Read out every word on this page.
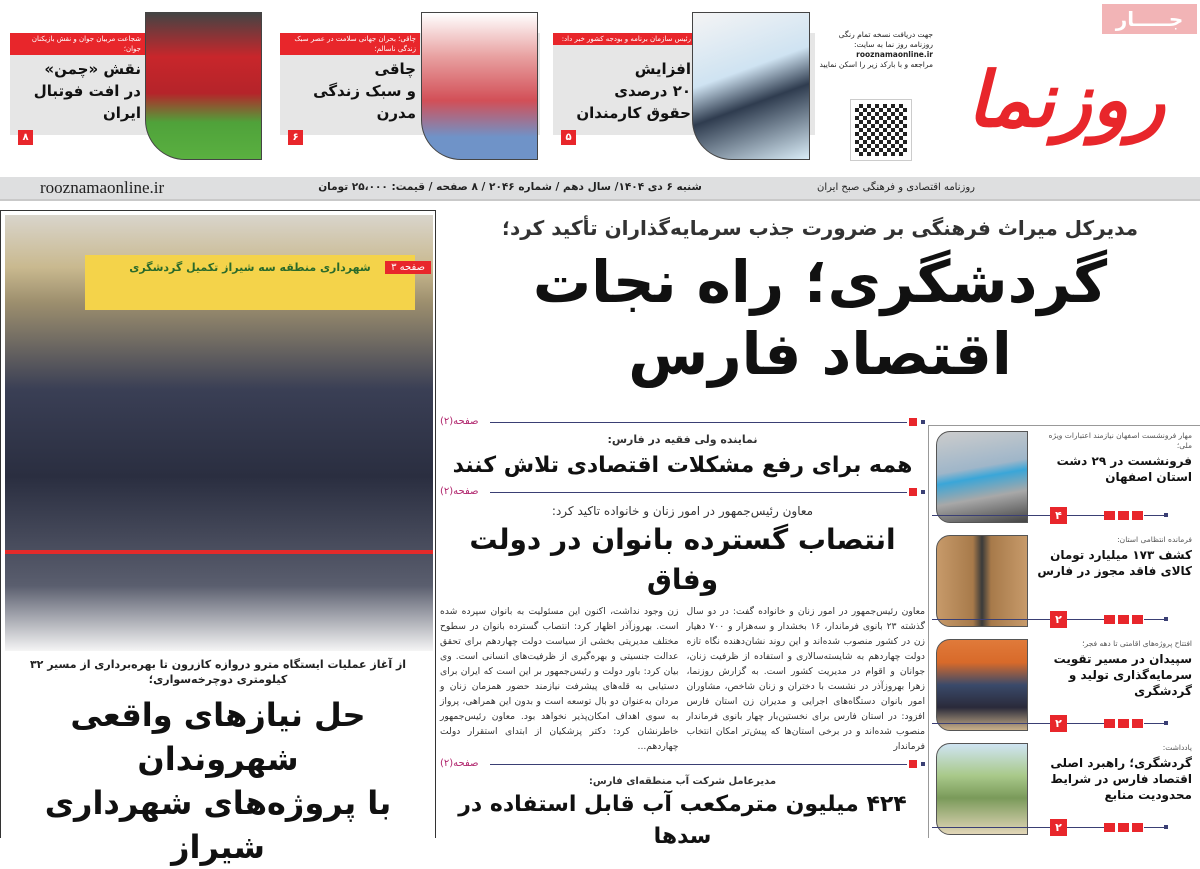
جـــــار
روزنما
جهت دریافت نسخه تمام رنگی
روزنامه روز نما به سایت:
rooznamaonline.ir
مراجعه و با بارکد زیر را اسکن نمایید
رئیس سازمان برنامه و بودجه کشور خبر داد:
افزایش
۲۰ درصدی
حقوق کارمندان
۵
چاقی؛ بحران جهانی سلامت در عصر سبک زندگی ناسالم؛
چاقی
و سبک زندگی
مدرن
۶
شجاعت مربیان جوان و نقش بازیکنان جوان؛
نقش «چمن»
در افت فوتبال
ایران
۸
rooznamaonline.ir	شنبه ۶ دی ۱۴۰۴/ سال دهم / شماره ۲۰۴۶ / ۸ صفحه / قیمت: ۲۵،۰۰۰ تومان	روزنامه اقتصادی و فرهنگی صبح ایران
شهرداری منطقه سه شیراز تکمیل گردشگری	صفحه ۳
از آغاز عملیات ایستگاه مترو دروازه کازرون تا بهره‌برداری از مسیر ۳۲ کیلومتری دوچرخه‌سواری؛
حل نیازهای واقعی شهروندان
با پروژه‌های شهرداری شیراز
مدیرکل میراث فرهنگی بر ضرورت جذب سرمایه‌گذاران تأکید کرد؛
گردشگری؛ راه نجات اقتصاد فارس
صفحه(۲)
نماینده ولی فقیه در فارس:
همه برای رفع مشکلات اقتصادی تلاش کنند
صفحه(۲)
معاون رئیس‌جمهور در امور زنان و خانواده تاکید کرد:
انتصاب گسترده بانوان در دولت وفاق
معاون رئیس‌جمهور در امور زنان و خانواده گفت: در دو سال گذشته ۲۳ بانوی فرماندار، ۱۶ بخشدار و سه‌هزار و ۷۰۰ دهیار زن در کشور منصوب شده‌اند و این روند نشان‌دهنده نگاه تازه دولت چهاردهم به شایسته‌سالاری و استفاده از ظرفیت زنان، جوانان و اقوام در مدیریت کشور است. به گزارش روزنما، زهرا بهروزآذر در نشست با دختران و زنان شاخص، مشاوران امور بانوان دستگاه‌های اجرایی و مدیران زن استان فارس افزود: در استان فارس برای نخستین‌بار چهار بانوی فرماندار منصوب شده‌اند و در برخی استان‌ها که پیش‌تر امکان انتخاب فرماندار
زن وجود نداشت، اکنون این مسئولیت به بانوان سپرده شده است. بهروزآذر اظهار کرد: انتصاب گسترده بانوان در سطوح مختلف مدیریتی بخشی از سیاست دولت چهاردهم برای تحقق عدالت جنسیتی و بهره‌گیری از ظرفیت‌های انسانی است. وی بیان کرد: باور دولت و رئیس‌جمهور بر این است که ایران برای دستیابی به قله‌های پیشرفت نیازمند حضور همزمان زنان و مردان به‌عنوان دو بال توسعه است و بدون این همراهی، پرواز به سوی اهداف امکان‌پذیر نخواهد بود. معاون رئیس‌جمهور خاطرنشان کرد: دکتر پزشکیان از ابتدای استقرار دولت چهاردهم...
صفحه(۲)
مدیرعامل شرکت آب منطقه‌ای فارس:
۴۲۴ میلیون مترمکعب آب قابل استفاده در سدها
مهار فرونشست اصفهان نیازمند اعتبارات ویژه ملی؛
فرونشست در ۲۹ دشت استان اصفهان
۴
فرمانده انتظامی استان:
کشف ۱۷۳ میلیارد تومان کالای فاقد مجوز در فارس
۲
افتتاح پروژه‌های اقامتی تا دهه فجر؛
سپیدان در مسیر تقویت سرمایه‌گذاری تولید و گردشگری
۲
یادداشت:
گردشگری؛ راهبرد اصلی اقتصاد فارس در شرایط محدودیت منابع
۲
